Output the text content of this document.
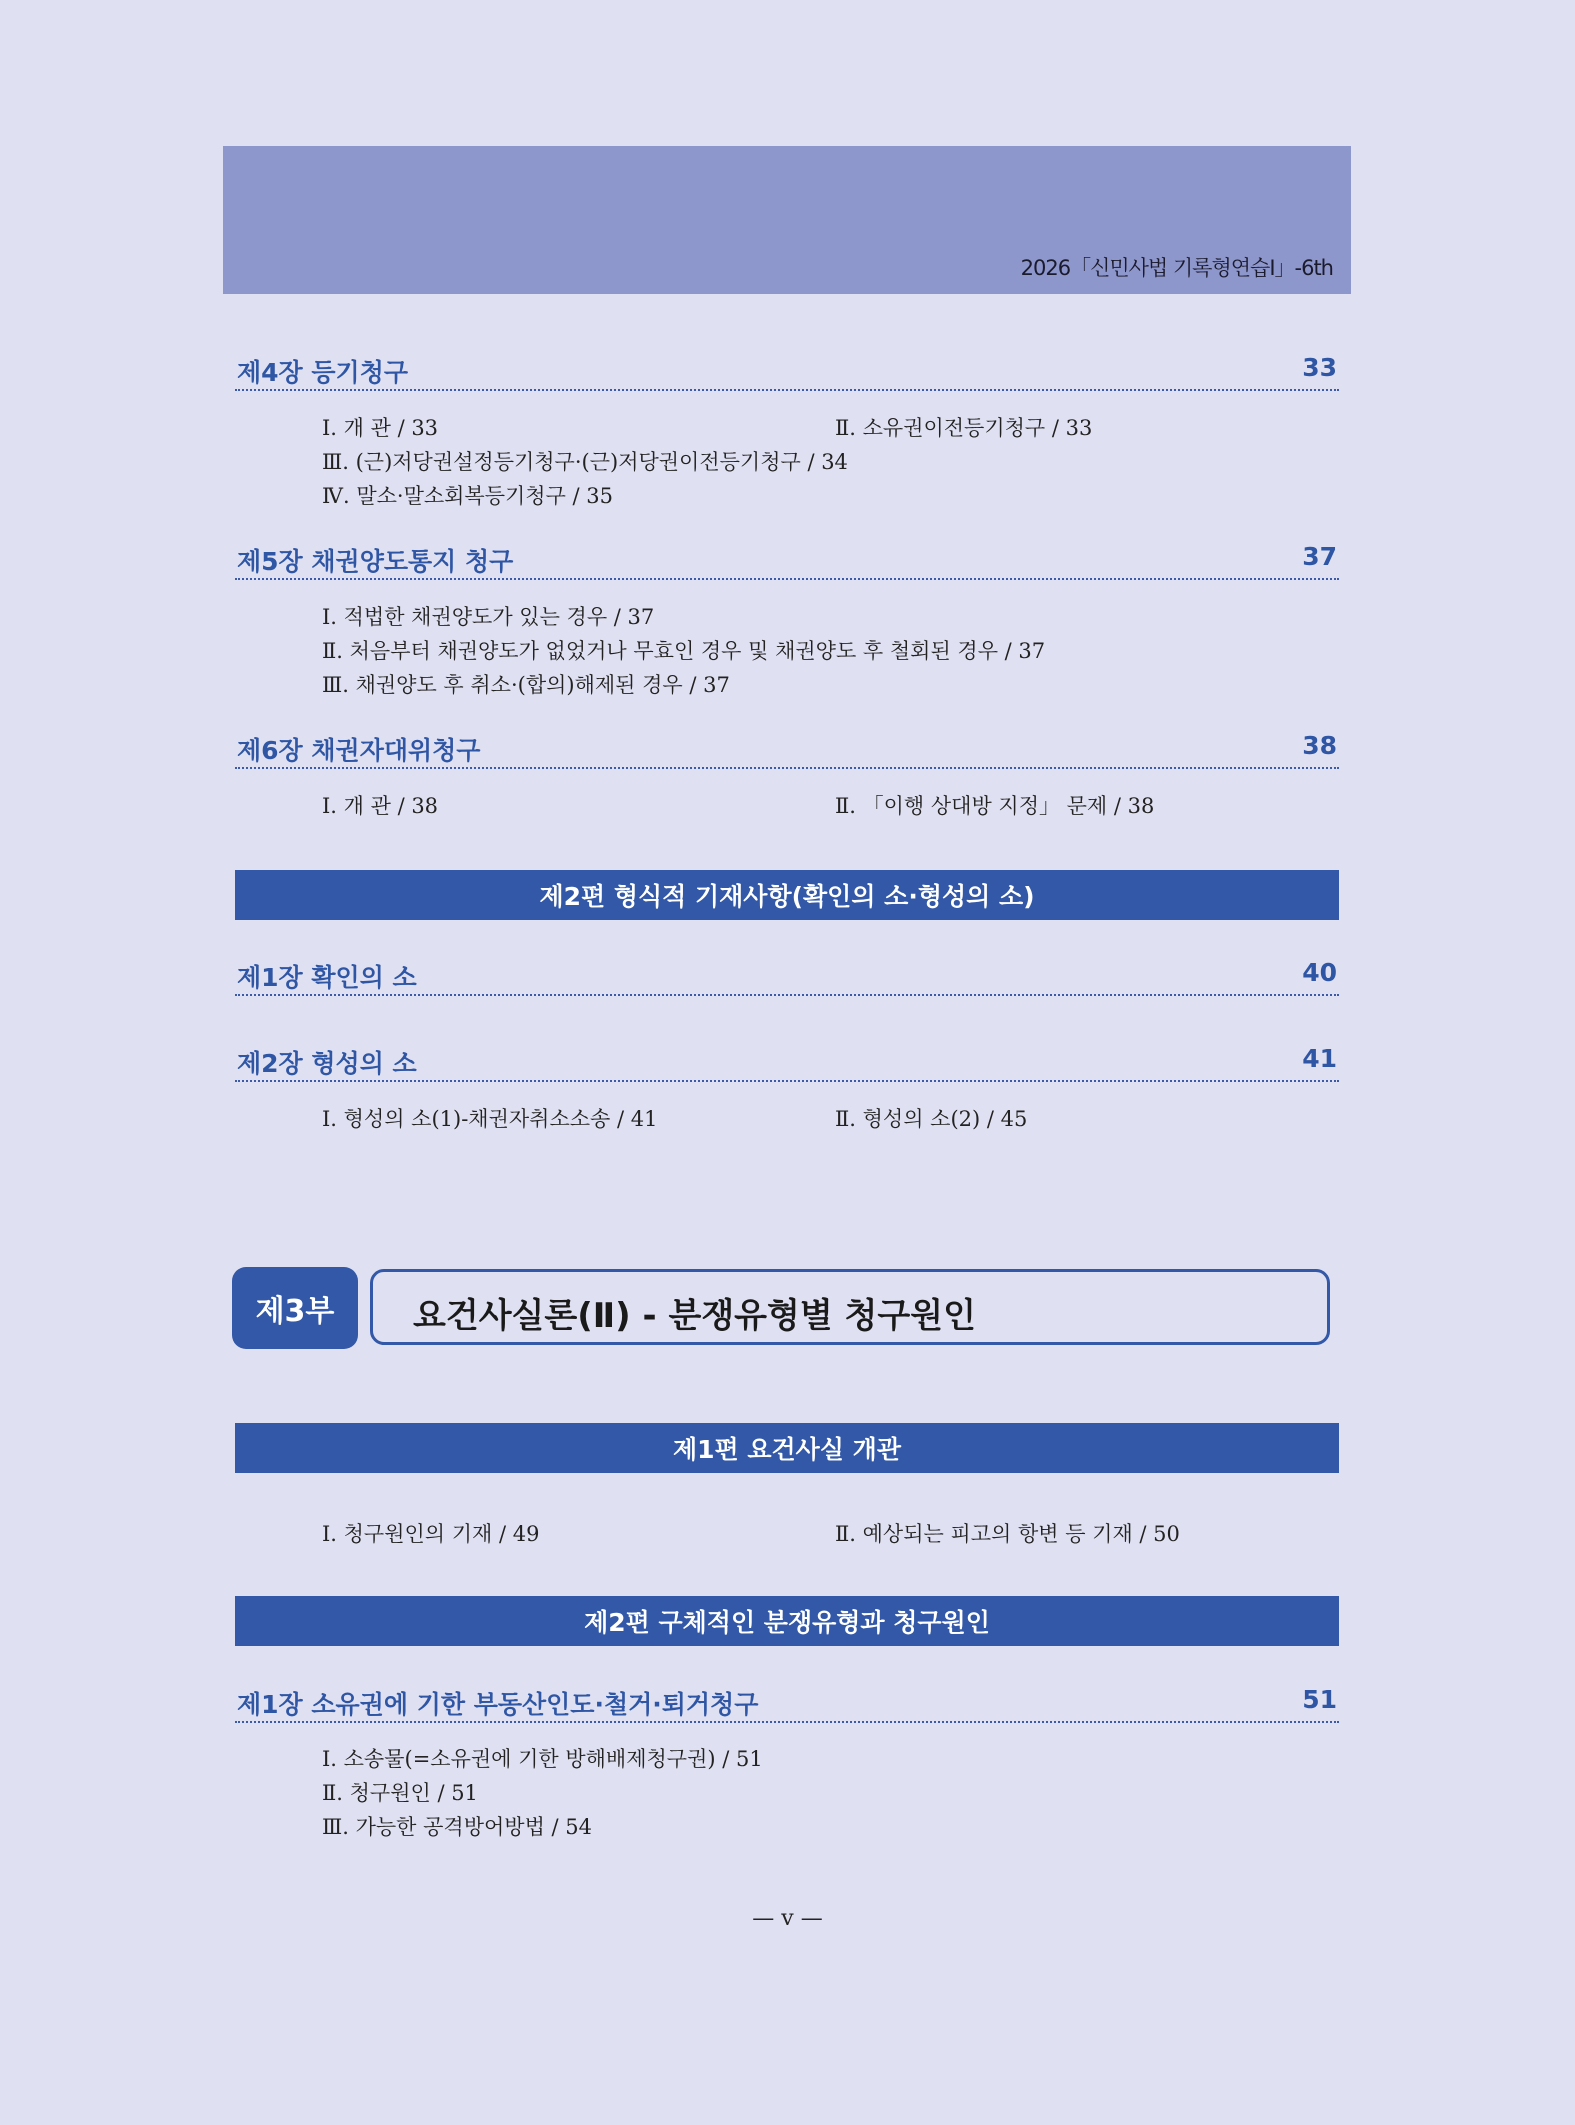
2026「신민사법 기록형연습Ⅰ」-6th
제4장 등기청구	33
Ⅰ. 개 관 / 33	Ⅱ. 소유권이전등기청구 / 33
Ⅲ. (근)저당권설정등기청구·(근)저당권이전등기청구 / 34
Ⅳ. 말소·말소회복등기청구 / 35
제5장 채권양도통지 청구	37
Ⅰ. 적법한 채권양도가 있는 경우 / 37
Ⅱ. 처음부터 채권양도가 없었거나 무효인 경우 및 채권양도 후 철회된 경우 / 37
Ⅲ. 채권양도 후 취소·(합의)해제된 경우 / 37
제6장 채권자대위청구	38
Ⅰ. 개 관 / 38	Ⅱ. 「이행 상대방 지정」 문제 / 38
제2편 형식적 기재사항(확인의 소·형성의 소)
제1장 확인의 소	40
제2장 형성의 소	41
Ⅰ. 형성의 소(1)-채권자취소소송 / 41	Ⅱ. 형성의 소(2) / 45
제3부	요건사실론(Ⅱ) - 분쟁유형별 청구원인
제1편 요건사실 개관
Ⅰ. 청구원인의 기재 / 49	Ⅱ. 예상되는 피고의 항변 등 기재 / 50
제2편 구체적인 분쟁유형과 청구원인
제1장 소유권에 기한 부동산인도·철거·퇴거청구	51
Ⅰ. 소송물(=소유권에 기한 방해배제청구권) / 51
Ⅱ. 청구원인 / 51
Ⅲ. 가능한 공격방어방법 / 54
— v —
